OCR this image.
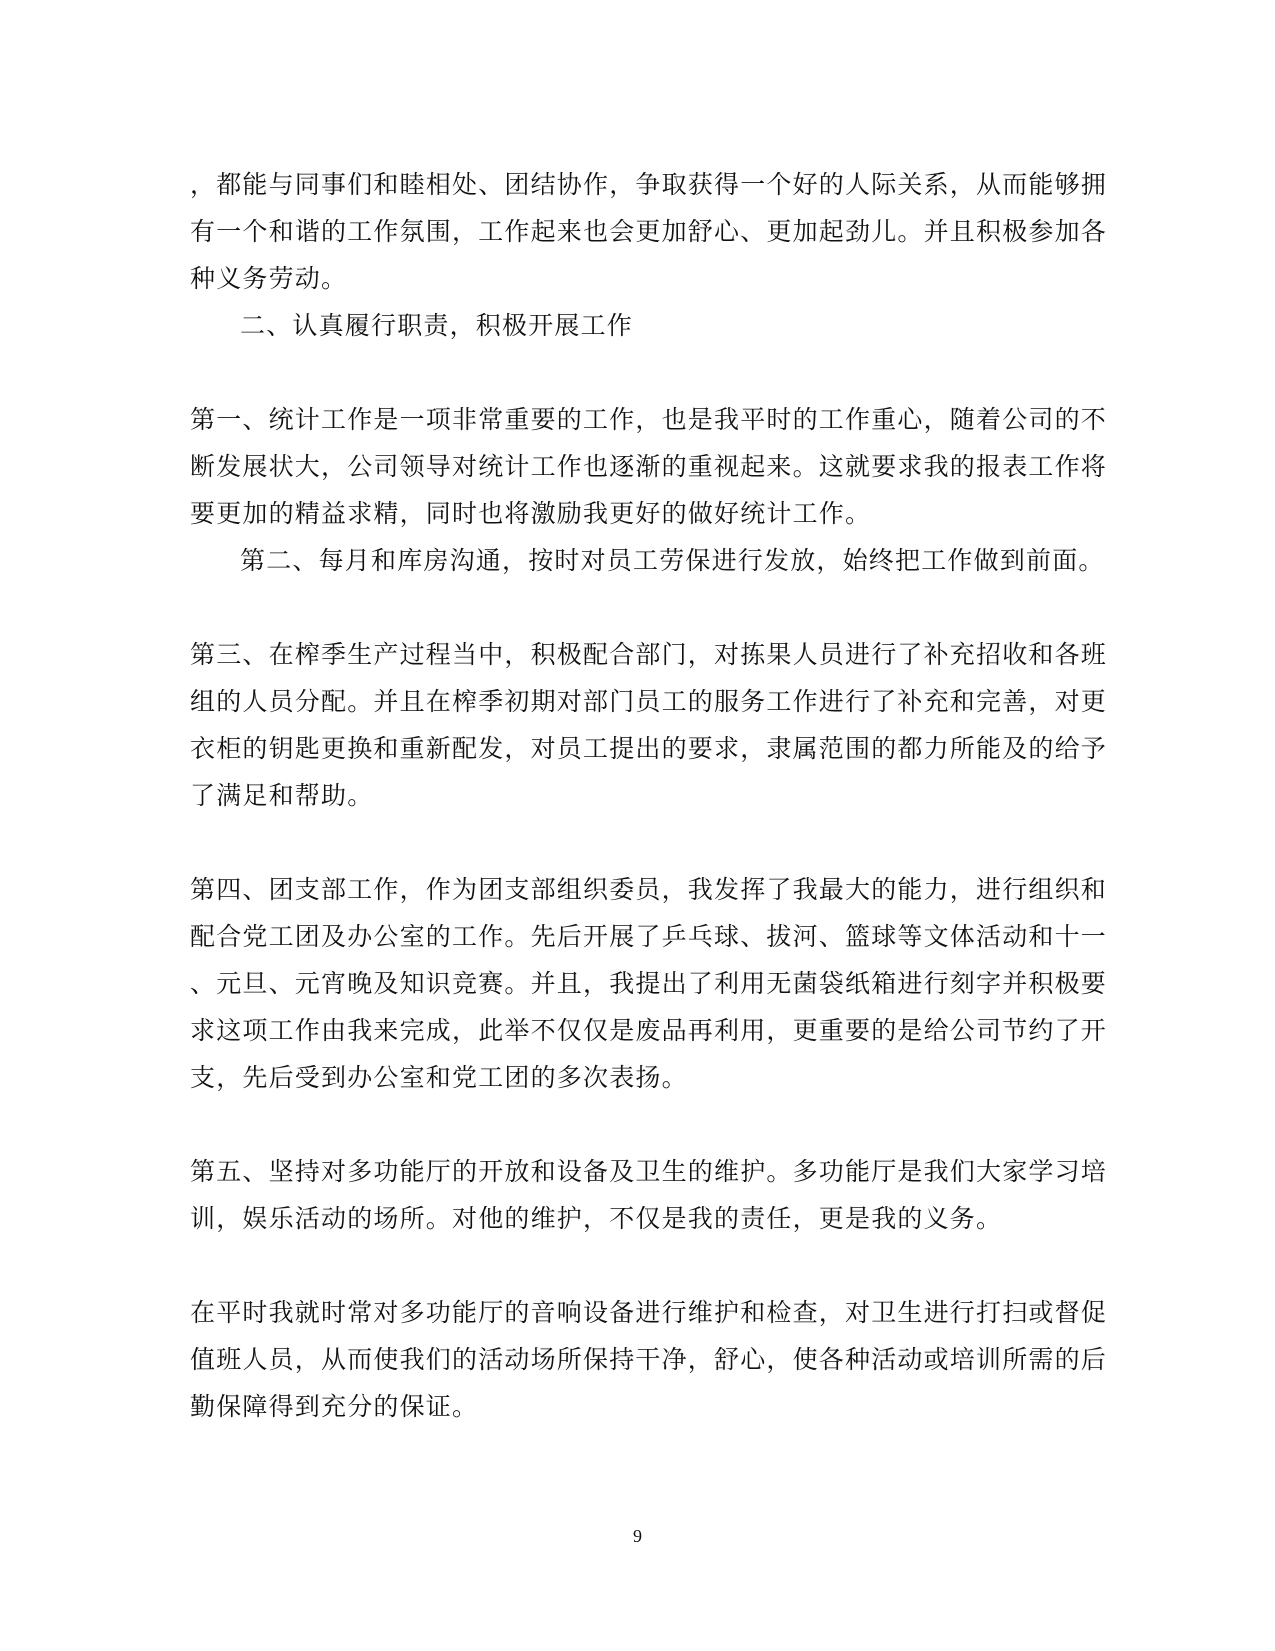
，都能与同事们和睦相处、团结协作，争取获得一个好的人际关系，从而能够拥
有一个和谐的工作氛围，工作起来也会更加舒心、更加起劲儿。并且积极参加各
种义务劳动。
二、认真履行职责，积极开展工作
第一、统计工作是一项非常重要的工作，也是我平时的工作重心，随着公司的不
断发展状大，公司领导对统计工作也逐渐的重视起来。这就要求我的报表工作将
要更加的精益求精，同时也将激励我更好的做好统计工作。
第二、每月和库房沟通，按时对员工劳保进行发放，始终把工作做到前面。
第三、在榨季生产过程当中，积极配合部门，对拣果人员进行了补充招收和各班
组的人员分配。并且在榨季初期对部门员工的服务工作进行了补充和完善，对更
衣柜的钥匙更换和重新配发，对员工提出的要求，隶属范围的都力所能及的给予
了满足和帮助。
第四、团支部工作，作为团支部组织委员，我发挥了我最大的能力，进行组织和
配合党工团及办公室的工作。先后开展了乒乓球、拔河、篮球等文体活动和十一
、元旦、元宵晚及知识竞赛。并且，我提出了利用无菌袋纸箱进行刻字并积极要
求这项工作由我来完成，此举不仅仅是废品再利用，更重要的是给公司节约了开
支，先后受到办公室和党工团的多次表扬。
第五、坚持对多功能厅的开放和设备及卫生的维护。多功能厅是我们大家学习培
训，娱乐活动的场所。对他的维护，不仅是我的责任，更是我的义务。
在平时我就时常对多功能厅的音响设备进行维护和检查，对卫生进行打扫或督促
值班人员，从而使我们的活动场所保持干净，舒心，使各种活动或培训所需的后
勤保障得到充分的保证。
9
